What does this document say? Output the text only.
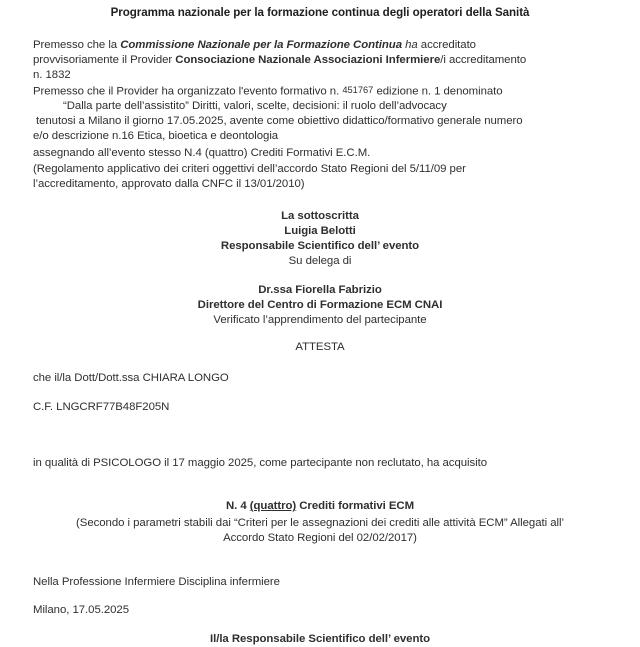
Programma nazionale per la formazione continua degli operatori della Sanità
Premesso che la Commissione Nazionale per la Formazione Continua ha accreditato
provvisoriamente il Provider Consociazione Nazionale Associazioni Infermiere/i accreditamento
n. 1832
Premesso che il Provider ha organizzato l'evento formativo n. 451767 edizione n. 1 denominato
“Dalla parte dell’assistito” Diritti, valori, scelte, decisioni: il ruolo dell’advocacy
tenutosi a Milano il giorno 17.05.2025, avente come obiettivo didattico/formativo generale numero
e/o descrizione n.16 Etica, bioetica e deontologia
assegnando all’evento stesso N.4 (quattro) Crediti Formativi E.C.M.
(Regolamento applicativo dei criteri oggettivi dell’accordo Stato Regioni del 5/11/09 per
l’accreditamento, approvato dalla CNFC il 13/01/2010)
La sottoscritta
Luigia Belotti
Responsabile Scientifico dell’ evento
Su delega di
Dr.ssa Fiorella Fabrizio
Direttore del Centro di Formazione ECM CNAI
Verificato l’apprendimento del partecipante
ATTESTA
che il/la Dott/Dott.ssa CHIARA LONGO
C.F. LNGCRF77B48F205N
in qualità di PSICOLOGO il 17 maggio 2025, come partecipante non reclutato, ha acquisito
N. 4 (quattro) Crediti formativi ECM
(Secondo i parametri stabili dai “Criteri per le assegnazioni dei crediti alle attività ECM” Allegati all’
Accordo Stato Regioni del 02/02/2017)
Nella Professione Infermiere Disciplina infermiere
Milano, 17.05.2025
Il/la Responsabile Scientifico dell’ evento
